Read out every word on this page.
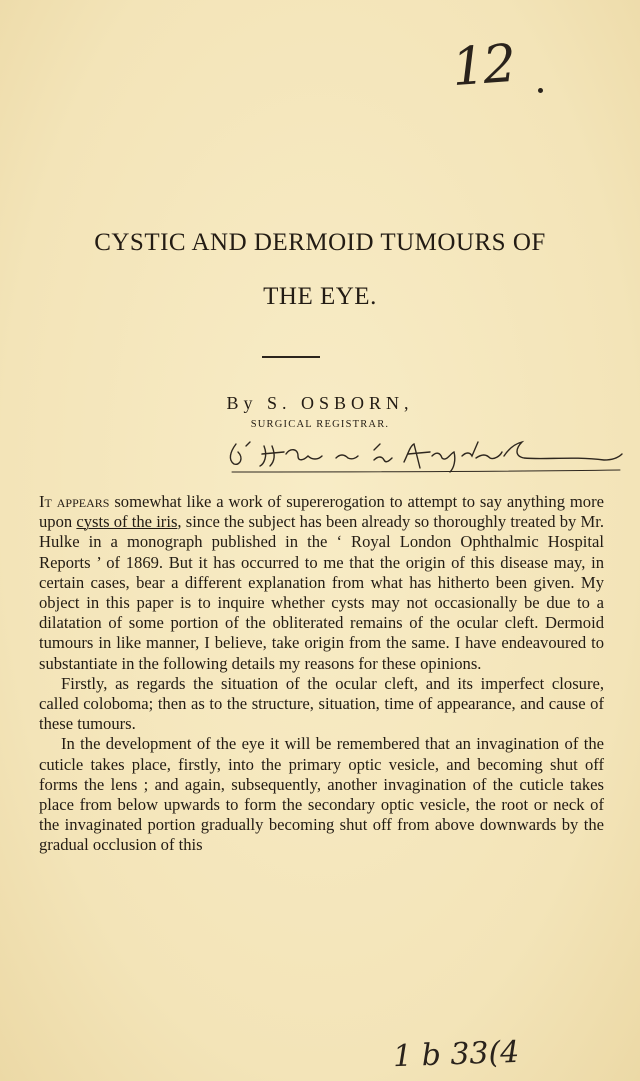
12
CYSTIC AND DERMOID TUMOURS OF
THE EYE.
By S. OSBORN,
SURGICAL REGISTRAR.

It appears somewhat like a work of supererogation to attempt to say anything more upon cysts of the iris, since the subject has been already so thoroughly treated by Mr. Hulke in a monograph published in the ‘ Royal London Ophthalmic Hospital Reports ’ of 1869. But it has occurred to me that the origin of this disease may, in certain cases, bear a different explanation from what has hitherto been given. My object in this paper is to inquire whether cysts may not occasionally be due to a dilatation of some portion of the obliterated remains of the ocular cleft. Dermoid tumours in like manner, I believe, take origin from the same. I have endeavoured to substantiate in the following details my reasons for these opinions.

Firstly, as regards the situation of the ocular cleft, and its imperfect closure, called coloboma; then as to the structure, situation, time of appearance, and cause of these tumours.

In the development of the eye it will be remembered that an invagination of the cuticle takes place, firstly, into the primary optic vesicle, and becoming shut off forms the lens ; and again, subsequently, another invagination of the cuticle takes place from below upwards to form the secondary optic vesicle, the root or neck of the invaginated portion gradually becoming shut off from above downwards by the gradual occlusion of this

1 b 33(4
